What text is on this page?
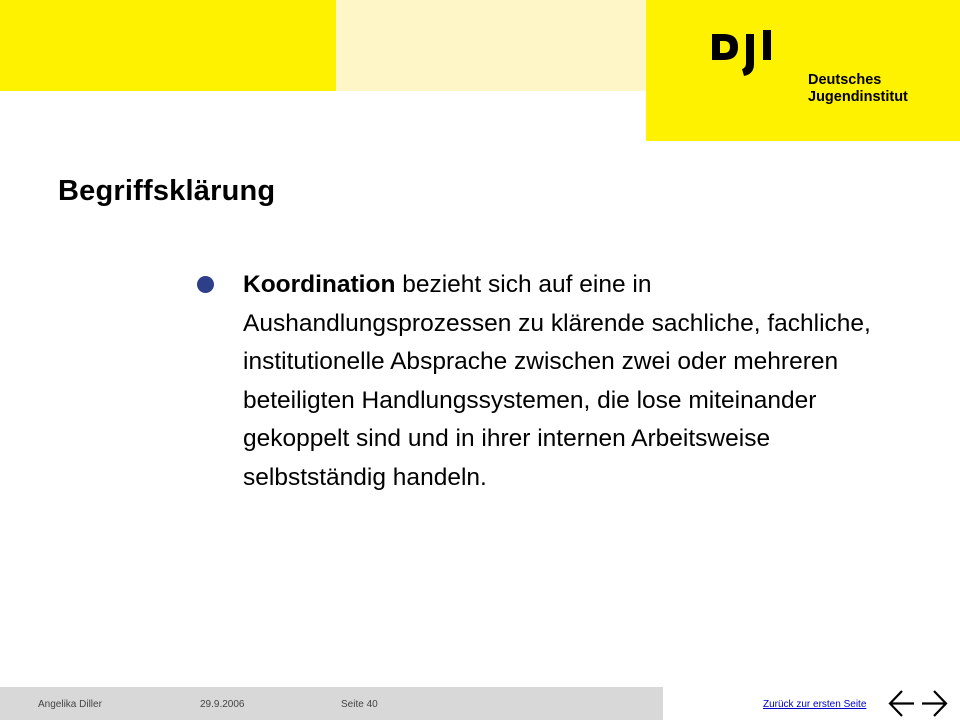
Deutsches
Jugendinstitut
Begriffsklärung

Koordination bezieht sich auf eine in Aushandlungsprozessen zu klärende sachliche, fachliche, institutionelle Absprache zwischen zwei oder mehreren beteiligten Handlungssystemen, die lose miteinander gekoppelt sind und in ihrer internen Arbeitsweise selbstständig handeln.

Angelika Diller	29.9.2006	Seite 40	Zurück zur ersten Seite
